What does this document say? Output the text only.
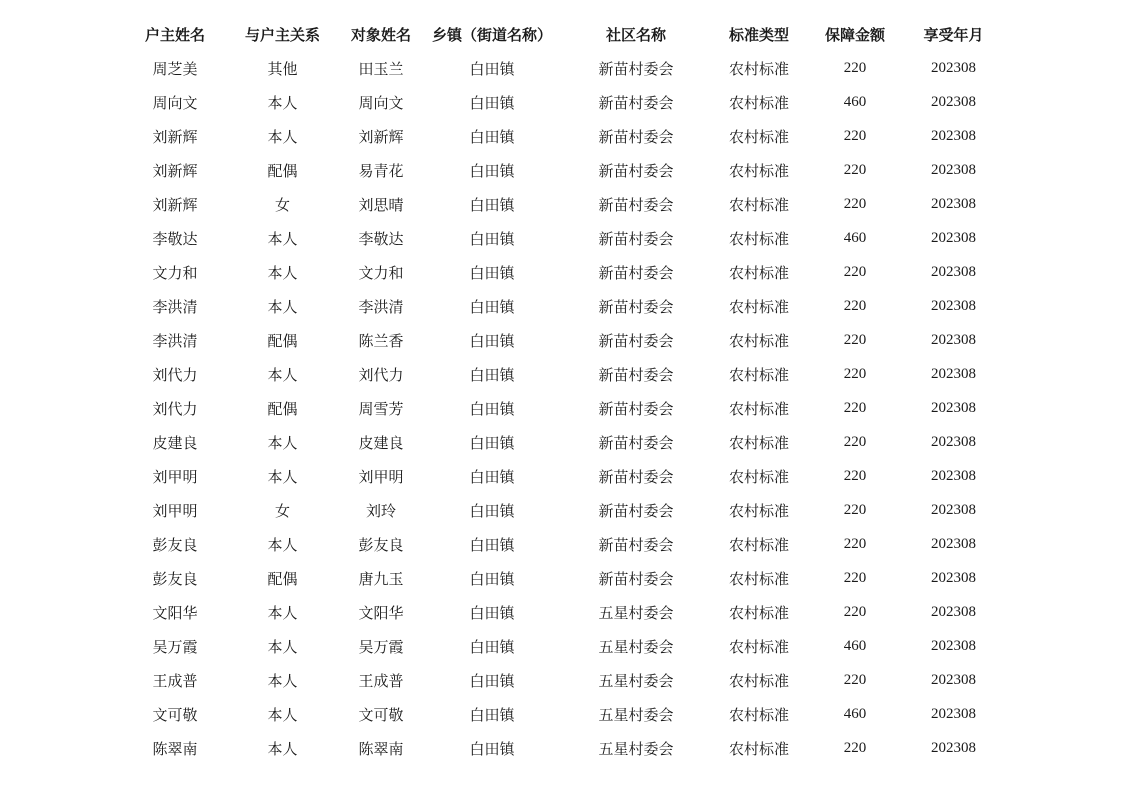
户主姓名	与户主关系	对象姓名	乡镇（街道名称）	社区名称	标准类型	保障金额	享受年月
周芝美	其他	田玉兰	白田镇	新苗村委会	农村标准	220	202308
周向文	本人	周向文	白田镇	新苗村委会	农村标准	460	202308
刘新辉	本人	刘新辉	白田镇	新苗村委会	农村标准	220	202308
刘新辉	配偶	易青花	白田镇	新苗村委会	农村标准	220	202308
刘新辉	女	刘思晴	白田镇	新苗村委会	农村标准	220	202308
李敬达	本人	李敬达	白田镇	新苗村委会	农村标准	460	202308
文力和	本人	文力和	白田镇	新苗村委会	农村标准	220	202308
李洪清	本人	李洪清	白田镇	新苗村委会	农村标准	220	202308
李洪清	配偶	陈兰香	白田镇	新苗村委会	农村标准	220	202308
刘代力	本人	刘代力	白田镇	新苗村委会	农村标准	220	202308
刘代力	配偶	周雪芳	白田镇	新苗村委会	农村标准	220	202308
皮建良	本人	皮建良	白田镇	新苗村委会	农村标准	220	202308
刘甲明	本人	刘甲明	白田镇	新苗村委会	农村标准	220	202308
刘甲明	女	刘玲	白田镇	新苗村委会	农村标准	220	202308
彭友良	本人	彭友良	白田镇	新苗村委会	农村标准	220	202308
彭友良	配偶	唐九玉	白田镇	新苗村委会	农村标准	220	202308
文阳华	本人	文阳华	白田镇	五星村委会	农村标准	220	202308
吴万霞	本人	吴万霞	白田镇	五星村委会	农村标准	460	202308
王成普	本人	王成普	白田镇	五星村委会	农村标准	220	202308
文可敬	本人	文可敬	白田镇	五星村委会	农村标准	460	202308
陈翠南	本人	陈翠南	白田镇	五星村委会	农村标准	220	202308
